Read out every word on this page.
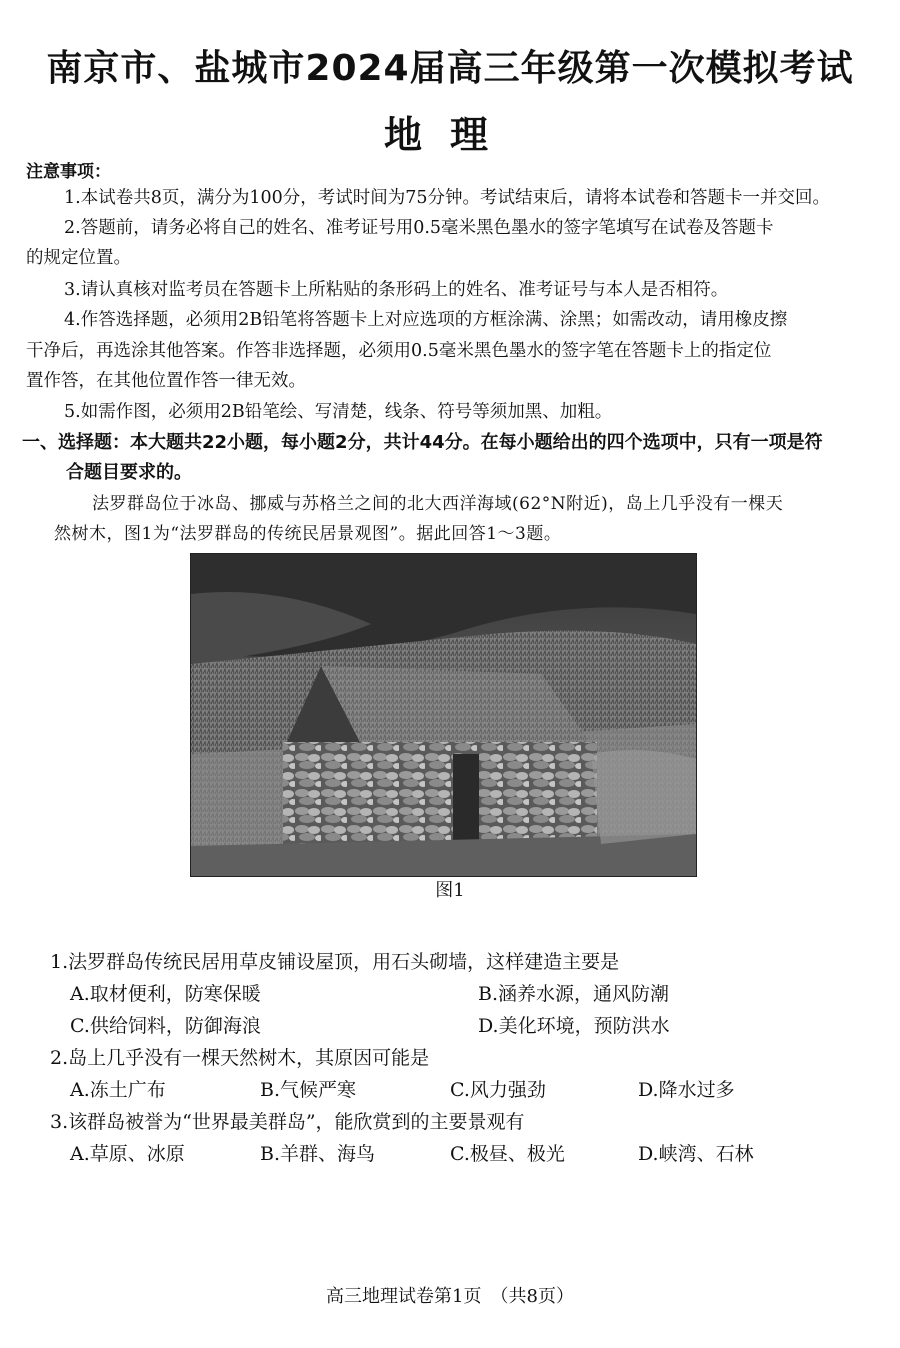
南京市、盐城市2024届高三年级第一次模拟考试
地理
注意事项：
1.本试卷共8页，满分为100分，考试时间为75分钟。考试结束后，请将本试卷和答题卡一并交回。
2.答题前，请务必将自己的姓名、准考证号用0.5毫米黑色墨水的签字笔填写在试卷及答题卡
的规定位置。
3.请认真核对监考员在答题卡上所粘贴的条形码上的姓名、准考证号与本人是否相符。
4.作答选择题，必须用2B铅笔将答题卡上对应选项的方框涂满、涂黑；如需改动，请用橡皮擦
干净后，再选涂其他答案。作答非选择题，必须用0.5毫米黑色墨水的签字笔在答题卡上的指定位
置作答，在其他位置作答一律无效。
5.如需作图，必须用2B铅笔绘、写清楚，线条、符号等须加黑、加粗。
一、选择题：本大题共22小题，每小题2分，共计44分。在每小题给出的四个选项中，只有一项是符
合题目要求的。
法罗群岛位于冰岛、挪威与苏格兰之间的北大西洋海域(62°N附近)，岛上几乎没有一棵天
然树木，图1为“法罗群岛的传统民居景观图”。据此回答1～3题。
图1
1.法罗群岛传统民居用草皮铺设屋顶，用石头砌墙，这样建造主要是
A.取材便利，防寒保暖	B.涵养水源，通风防潮
C.供给饲料，防御海浪	D.美化环境，预防洪水
2.岛上几乎没有一棵天然树木，其原因可能是
A.冻土广布	B.气候严寒	C.风力强劲	D.降水过多
3.该群岛被誉为“世界最美群岛”，能欣赏到的主要景观有
A.草原、冰原	B.羊群、海鸟	C.极昼、极光	D.峡湾、石林
高三地理试卷第1页　（共8页）
